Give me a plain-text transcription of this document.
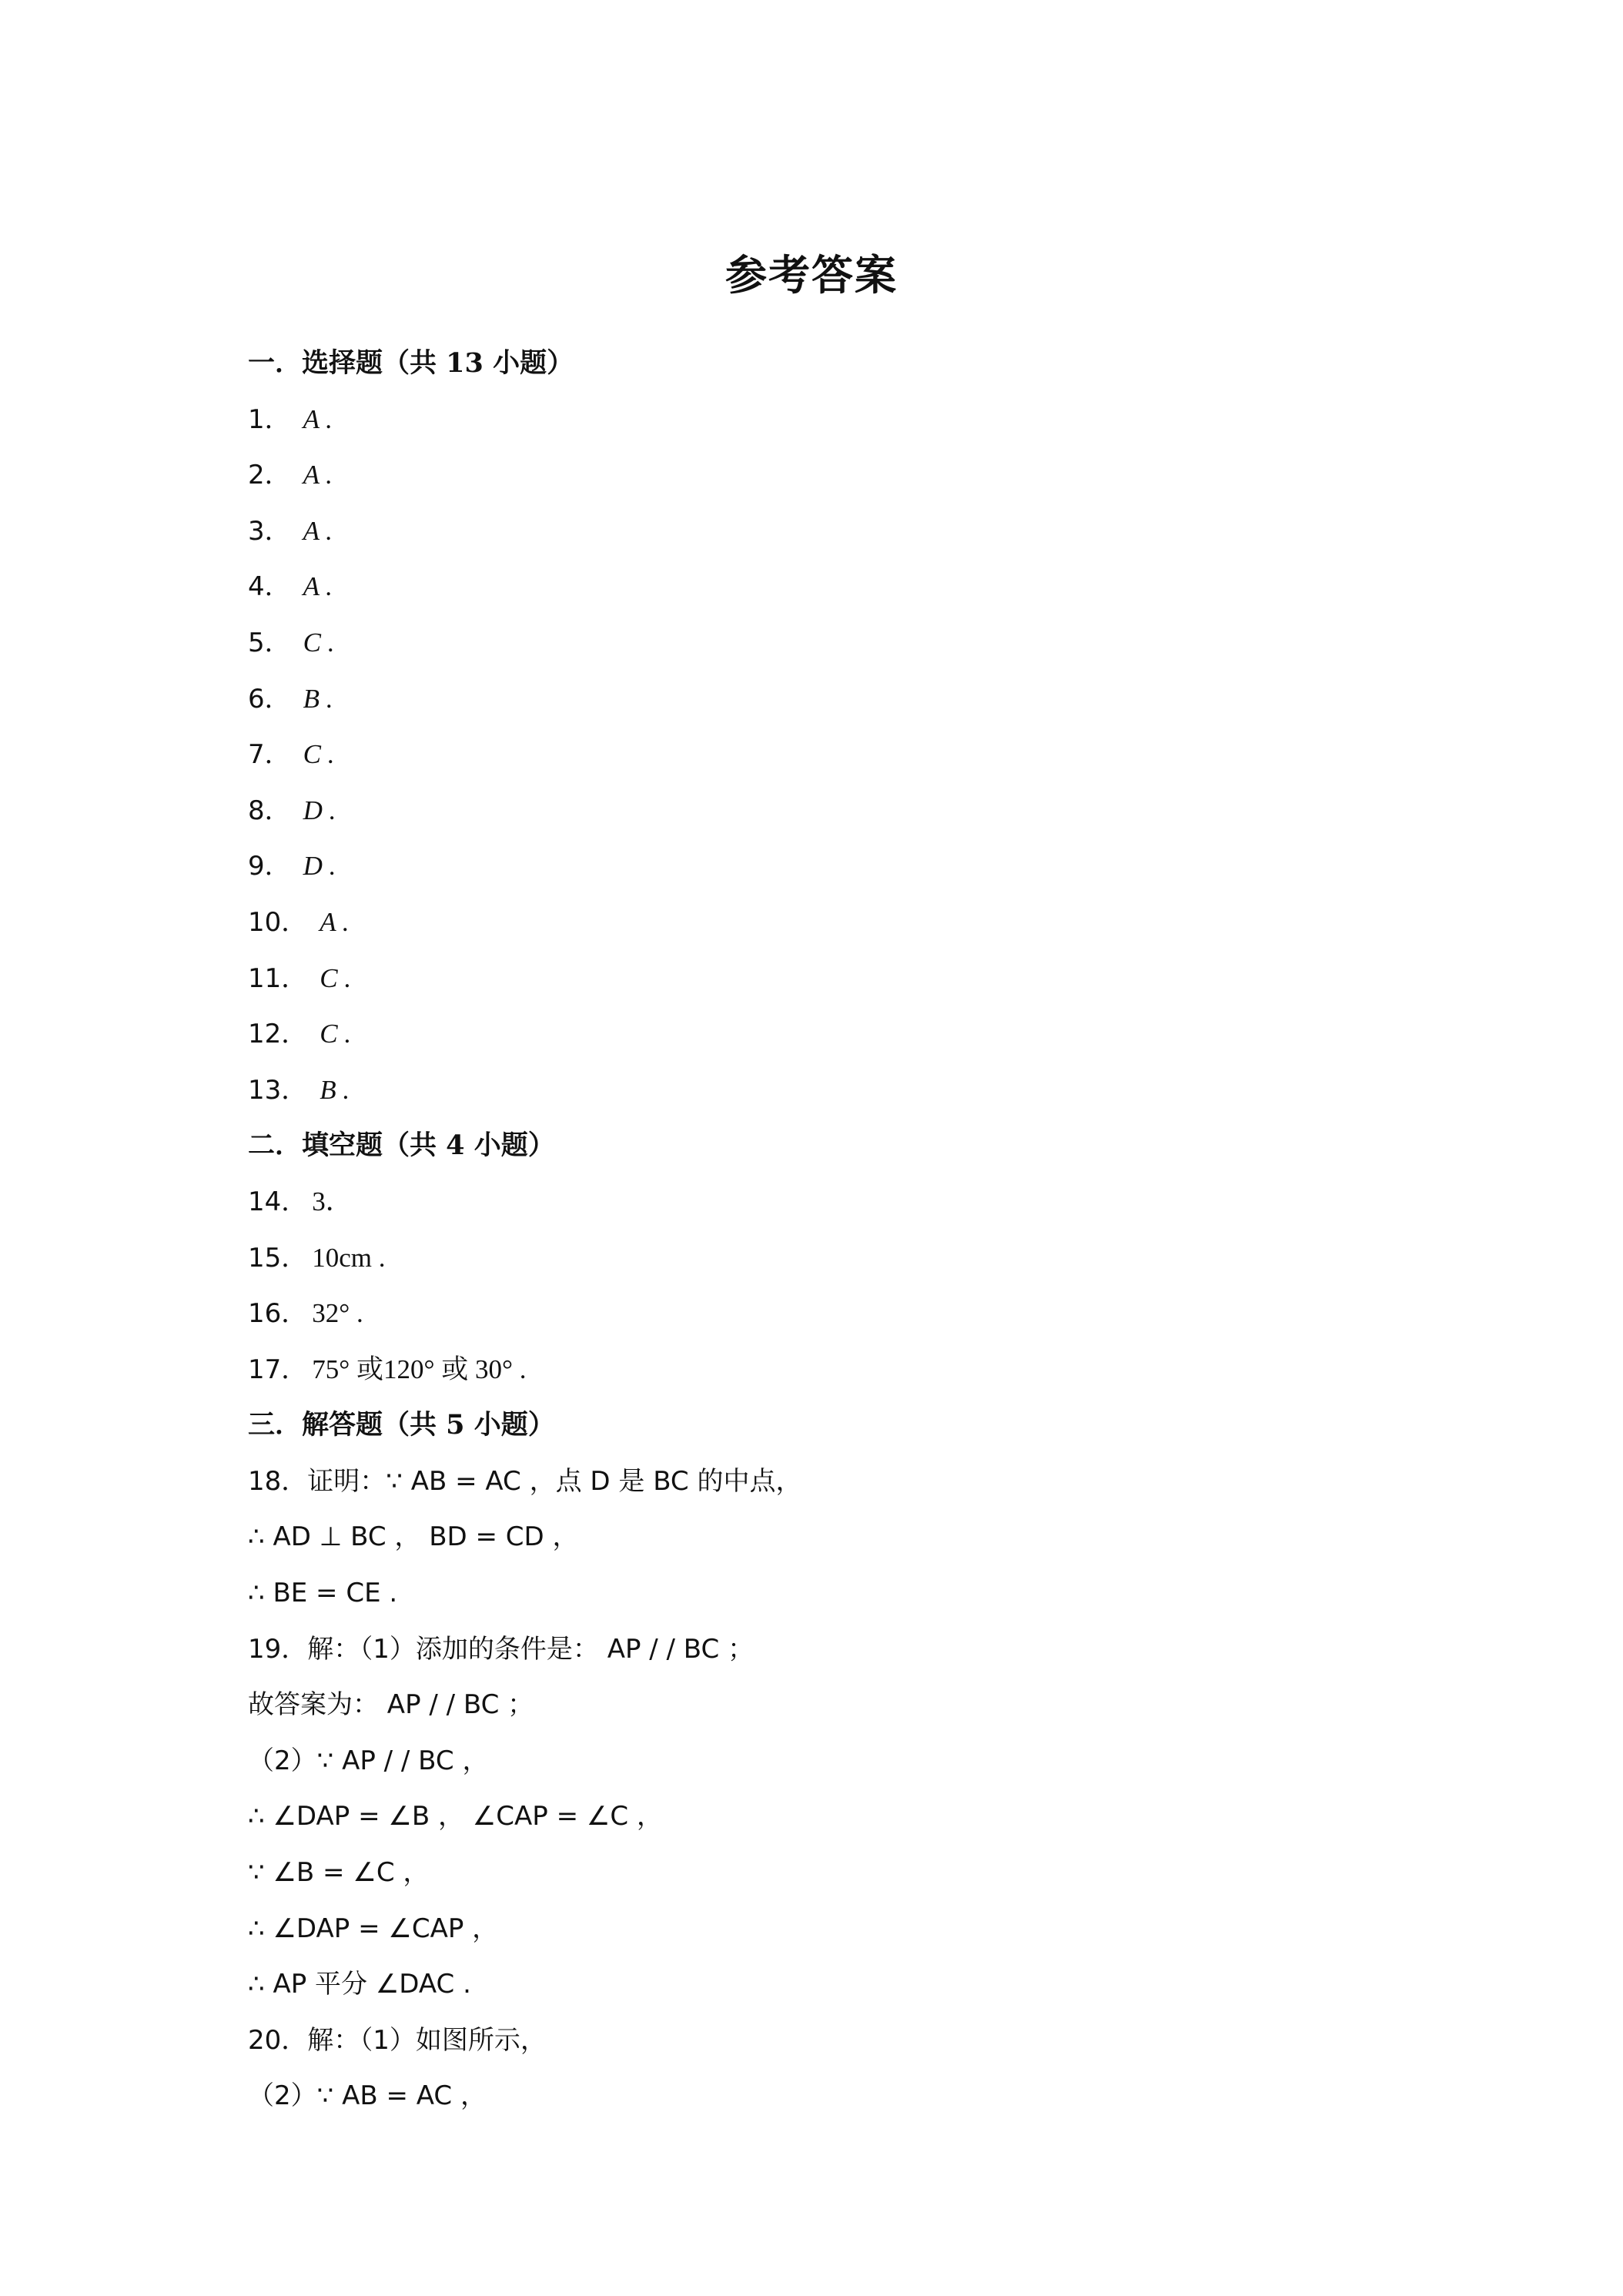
参考答案
一．选择题（共 13 小题）
1． A .
2． A .
3． A .
4． A .
5． C .
6． B .
7． C .
8． D .
9． D .
10． A .
11． C .
12． C .
13． B .
二．填空题（共 4 小题）
14． 3．
15． 10cm .
16． 32° .
17． 75° 或120° 或 30° .
三．解答题（共 5 小题）
18．证明：∵ AB = AC ，点 D 是 BC 的中点，
∴ AD ⊥ BC ， BD = CD ，
∴ BE = CE .
19．解：（1）添加的条件是： AP / / BC ；
故答案为： AP / / BC ；
（2）∵ AP / / BC ，
∴ ∠DAP = ∠B ， ∠CAP = ∠C ，
∵ ∠B = ∠C ，
∴ ∠DAP = ∠CAP ，
∴ AP 平分 ∠DAC .
20．解：（1）如图所示，
（2）∵ AB = AC ，
